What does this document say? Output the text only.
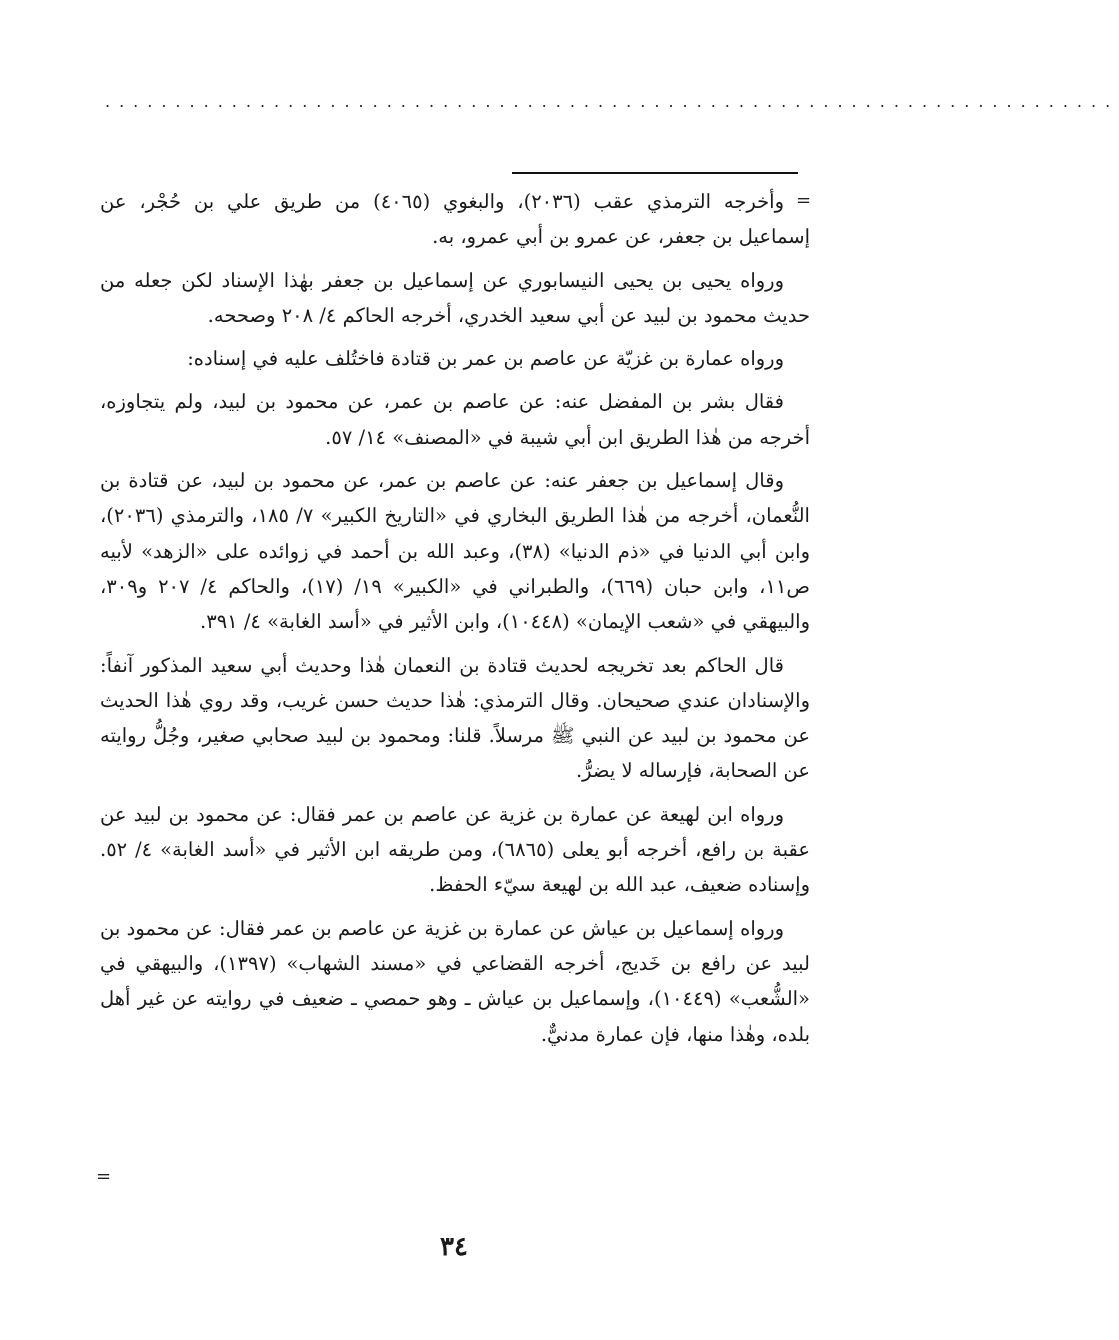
........................................................................
=

وأخرجه الترمذي عقب (٢٠٣٦)، والبغوي (٤٠٦٥) من طريق علي بن حُجْر، عن إسماعيل بن جعفر، عن عمرو بن أبي عمرو، به.

ورواه يحيى بن يحيى النيسابوري عن إسماعيل بن جعفر بهٰذا الإسناد لكن جعله من حديث محمود بن لبيد عن أبي سعيد الخدري، أخرجه الحاكم ٤/ ٢٠٨ وصححه.

ورواه عمارة بن غزيّة عن عاصم بن عمر بن قتادة فاختُلف عليه في إسناده:

فقال بشر بن المفضل عنه: عن عاصم بن عمر، عن محمود بن لبيد، ولم يتجاوزه، أخرجه من هٰذا الطريق ابن أبي شيبة في «المصنف» ١٤/ ٥٧.

وقال إسماعيل بن جعفر عنه: عن عاصم بن عمر، عن محمود بن لبيد، عن قتادة بن النُّعمان، أخرجه من هٰذا الطريق البخاري في «التاريخ الكبير» ٧/ ١٨٥، والترمذي (٢٠٣٦)، وابن أبي الدنيا في «ذم الدنيا» (٣٨)، وعبد الله بن أحمد في زوائده على «الزهد» لأبيه ص١١، وابن حبان (٦٦٩)، والطبراني في «الكبير» ١٩/ (١٧)، والحاكم ٤/ ٢٠٧ و٣٠٩، والبيهقي في «شعب الإيمان» (١٠٤٤٨)، وابن الأثير في «أسد الغابة» ٤/ ٣٩١.

قال الحاكم بعد تخريجه لحديث قتادة بن النعمان هٰذا وحديث أبي سعيد المذكور آنفاً: والإسنادان عندي صحيحان. وقال الترمذي: هٰذا حديث حسن غريب، وقد روي هٰذا الحديث عن محمود بن لبيد عن النبي ﷺ مرسلاً. قلنا: ومحمود بن لبيد صحابي صغير، وجُلُّ روايته عن الصحابة، فإرساله لا يضرُّ.

ورواه ابن لهيعة عن عمارة بن غزية عن عاصم بن عمر فقال: عن محمود بن لبيد عن عقبة بن رافع، أخرجه أبو يعلى (٦٨٦٥)، ومن طريقه ابن الأثير في «أسد الغابة» ٤/ ٥٢. وإسناده ضعيف، عبد الله بن لهيعة سيّء الحفظ.

ورواه إسماعيل بن عياش عن عمارة بن غزية عن عاصم بن عمر فقال: عن محمود بن لبيد عن رافع بن خَديج، أخرجه القضاعي في «مسند الشهاب» (١٣٩٧)، والبيهقي في «الشُّعب» (١٠٤٤٩)، وإسماعيل بن عياش ـ وهو حمصي ـ ضعيف في روايته عن غير أهل بلده، وهٰذا منها، فإن عمارة مدنيٌّ.

=
٣٤
